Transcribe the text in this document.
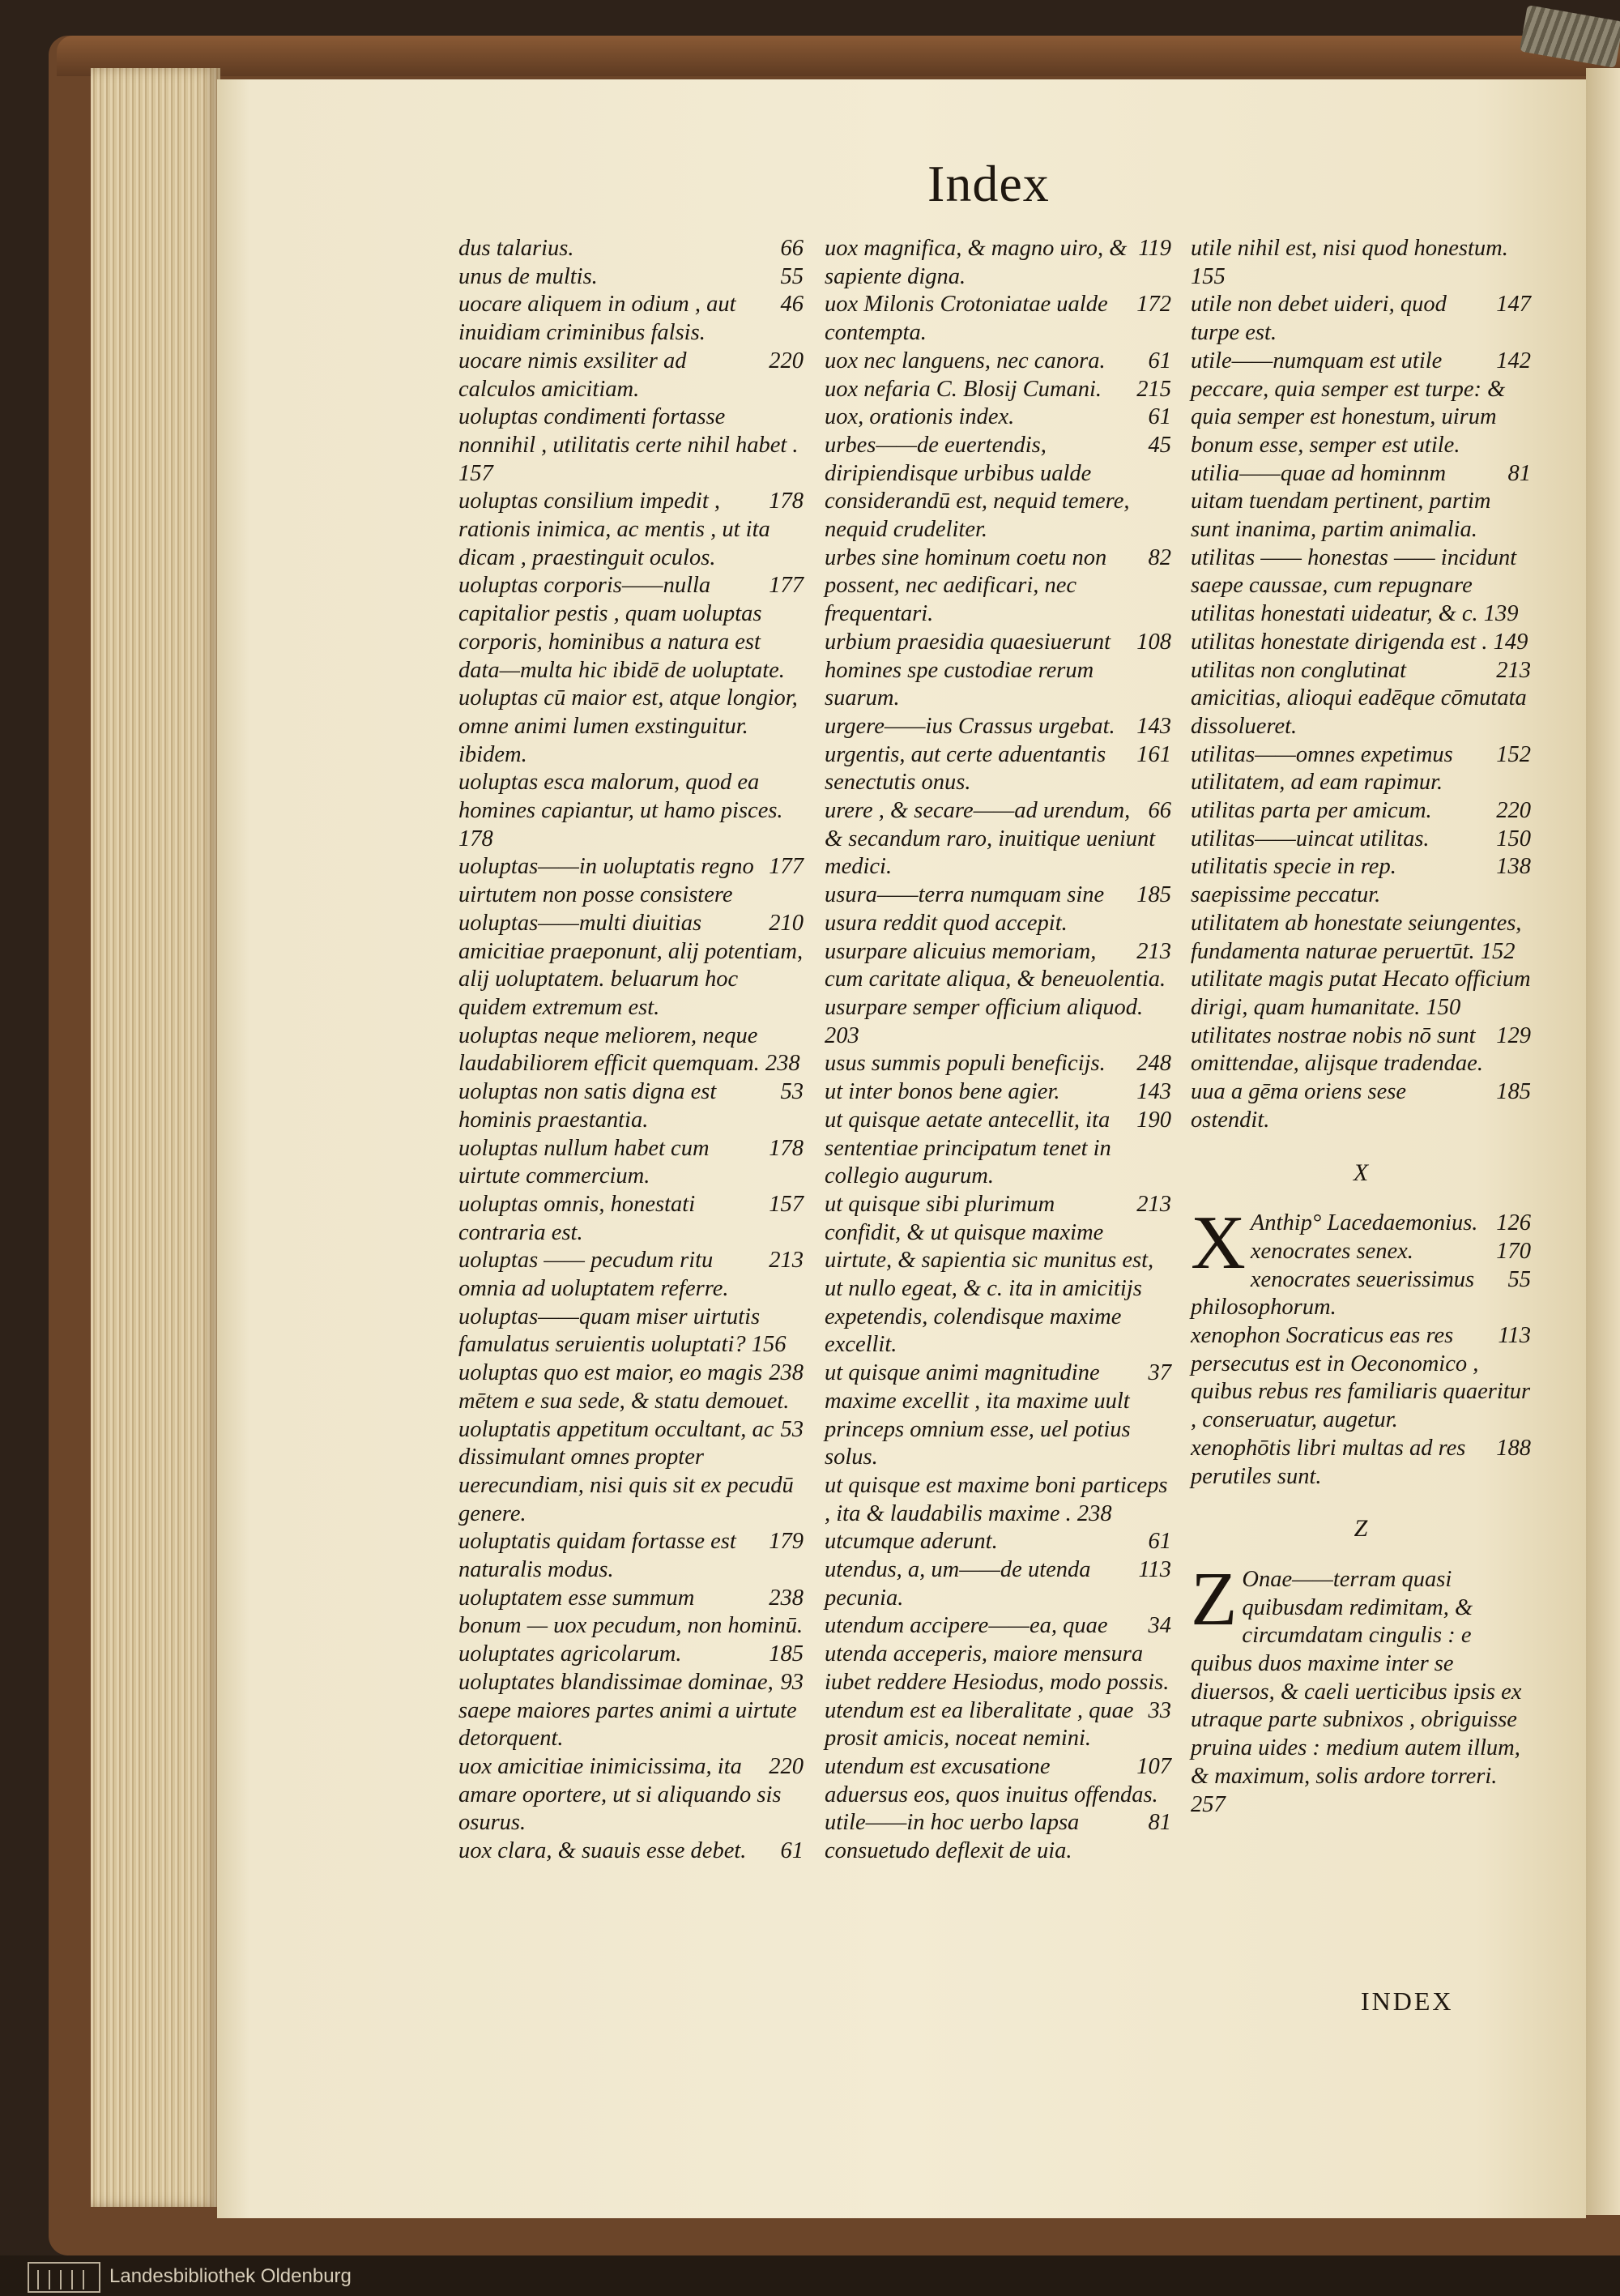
Index
66
dus talarius.
55
unus de multis.
46
uocare aliquem in odium , aut inuidiam criminibus falsis.
220
uocare nimis exsiliter ad calculos amicitiam.
uoluptas condimenti fortasse nonnihil , utilitatis certe nihil habet . 157
178
uoluptas consilium impedit , rationis inimica, ac mentis , ut ita dicam , praestinguit oculos.
177
uoluptas corporis——nulla capitalior pestis , quam uoluptas corporis, hominibus a natura est data—multa hic ibidē de uoluptate.
uoluptas cū maior est, atque longior, omne animi lumen exstinguitur. ibidem.
uoluptas esca malorum, quod ea homines capiantur, ut hamo pisces. 178
177
uoluptas——in uoluptatis regno uirtutem non posse consistere
210
uoluptas——multi diuitias amicitiae praeponunt, alij potentiam, alij uoluptatem. beluarum hoc quidem extremum est.
uoluptas neque meliorem, neque laudabiliorem efficit quemquam. 238
53
uoluptas non satis digna est hominis praestantia.
178
uoluptas nullum habet cum uirtute commercium.
157
uoluptas omnis, honestati contraria est.
213
uoluptas —— pecudum ritu omnia ad uoluptatem referre.
uoluptas——quam miser uirtutis famulatus seruientis uoluptati? 156
238
uoluptas quo est maior, eo magis mētem e sua sede, & statu demouet.
53
uoluptatis appetitum occultant, ac dissimulant omnes propter uerecundiam, nisi quis sit ex pecudū genere.
179
uoluptatis quidam fortasse est naturalis modus.
238
uoluptatem esse summum bonum — uox pecudum, non hominū.
185
uoluptates agricolarum.
93
uoluptates blandissimae dominae, saepe maiores partes animi a uirtute detorquent.
220
uox amicitiae inimicissima, ita amare oportere, ut si aliquando sis osurus.
61
uox clara, & suauis esse debet.
119
uox magnifica, & magno uiro, & sapiente digna.
172
uox Milonis Crotoniatae ualde contempta.
61
uox nec languens, nec canora.
215
uox nefaria C. Blosij Cumani.
61
uox, orationis index.
45
urbes——de euertendis, diripiendisque urbibus ualde considerandū est, nequid temere, nequid crudeliter.
82
urbes sine hominum coetu non possent, nec aedificari, nec frequentari.
108
urbium praesidia quaesiuerunt homines spe custodiae rerum suarum.
143
urgere——ius Crassus urgebat.
161
urgentis, aut certe aduentantis senectutis onus.
66
urere , & secare——ad urendum, & secandum raro, inuitique ueniunt medici.
185
usura——terra numquam sine usura reddit quod accepit.
213
usurpare alicuius memoriam, cum caritate aliqua, & beneuolentia.
usurpare semper officium aliquod. 203
248
usus summis populi beneficijs.
143
ut inter bonos bene agier.
190
ut quisque aetate antecellit, ita sententiae principatum tenet in collegio augurum.
213
ut quisque sibi plurimum confidit, & ut quisque maxime uirtute, & sapientia sic munitus est, ut nullo egeat, & c. ita in amicitijs expetendis, colendisque maxime excellit.
37
ut quisque animi magnitudine maxime excellit , ita maxime uult princeps omnium esse, uel potius solus.
ut quisque est maxime boni particeps , ita & laudabilis maxime . 238
61
utcumque aderunt.
113
utendus, a, um——de utenda pecunia.
34
utendum accipere——ea, quae utenda acceperis, maiore mensura iubet reddere Hesiodus, modo possis.
33
utendum est ea liberalitate , quae prosit amicis, noceat nemini.
107
utendum est excusatione aduersus eos, quos inuitus offendas.
81
utile——in hoc uerbo lapsa consuetudo deflexit de uia.
utile nihil est, nisi quod honestum. 155
147
utile non debet uideri, quod turpe est.
142
utile——numquam est utile peccare, quia semper est turpe: & quia semper est honestum, uirum bonum esse, semper est utile.
81
utilia——quae ad hominnm uitam tuendam pertinent, partim sunt inanima, partim animalia.
utilitas —— honestas —— incidunt saepe caussae, cum repugnare utilitas honestati uideatur, & c. 139
utilitas honestate dirigenda est . 149
213
utilitas non conglutinat amicitias, alioqui eadēque cōmutata dissolueret.
152
utilitas——omnes expetimus utilitatem, ad eam rapimur.
220
utilitas parta per amicum.
150
utilitas——uincat utilitas.
138
utilitatis specie in rep. saepissime peccatur.
utilitatem ab honestate seiungentes, fundamenta naturae peruertūt. 152
utilitate magis putat Hecato officium dirigi, quam humanitate. 150
129
utilitates nostrae nobis nō sunt omittendae, alijsque tradendae.
185
uua a gēma oriens sese ostendit.
X
X	126
Anthip° Lacedaemonius.
170
xenocrates senex.
55
xenocrates seuerissimus philosophorum.
113
xenophon Socraticus eas res persecutus est in Oeconomico , quibus rebus res familiaris quaeritur , conseruatur, augetur.
188
xenophōtis libri multas ad res perutiles sunt.
Z
Z Onae——terram quasi quibusdam redimitam, & circumdatam cingulis : e quibus duos maxime inter se diuersos, & caeli uerticibus ipsis ex utraque parte subnixos , obriguisse pruina uides : medium autem illum, & maximum, solis ardore torreri. 257
INDEX
Landesbibliothek Oldenburg
